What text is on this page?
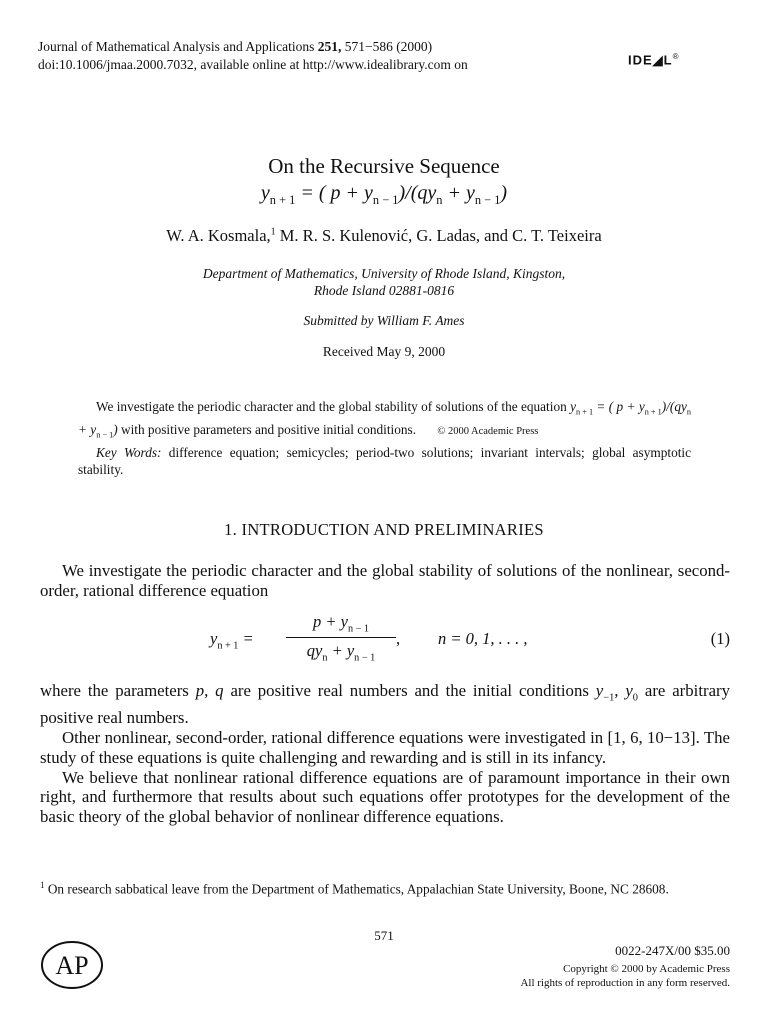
Journal of Mathematical Analysis and Applications 251, 571−586 (2000)
doi:10.1006/jmaa.2000.7032, available online at http://www.idealibrary.com on	IDE◢L®
On the Recursive Sequence
$y_{n + 1}$ = ( $p + y_{n - 1})/(qy_n + y_{n - 1})$
W. A. Kosmala,$^1$ M. R. S. Kulenović, G. Ladas, and C. T. Teixeira
Department of Mathematics, University of Rhode Island, Kingston,
Rhode Island 02881-0816
Submitted by William F. Ames
Received May 9, 2000

We investigate the periodic character and the global stability of solutions of the equation $y_{n + 1}$ = ( $p + y_{n + 1})/(qy_n + y_{n - 1})$ with positive parameters and positive initial conditions. © 2000 Academic Press

Key Words: difference equation; semicycles; period-two solutions; invariant intervals; global asymptotic stability.

1. INTRODUCTION AND PRELIMINARIES

We investigate the periodic character and the global stability of solutions of the nonlinear, second-order, rational difference equation

$y_{n + 1}$ =
$p + y_{n - 1}$
$qy_n + y_{n - 1}$
, n = 0, 1, . . . ,	(1)

where the parameters p, q are positive real numbers and the initial conditions $y_{-1}$, $y_0$ are arbitrary positive real numbers.

Other nonlinear, second-order, rational difference equations were investigated in [1, 6, 10−13]. The study of these equations is quite challenging and rewarding and is still in its infancy.

We believe that nonlinear rational difference equations are of paramount importance in their own right, and furthermore that results about such equations offer prototypes for the development of the basic theory of the global behavior of nonlinear difference equations.

$^1$ On research sabbatical leave from the Department of Mathematics, Appalachian State University, Boone, NC 28608.
571
AP
0022-247X/00 $35.00
Copyright © 2000 by Academic Press
All rights of reproduction in any form reserved.
